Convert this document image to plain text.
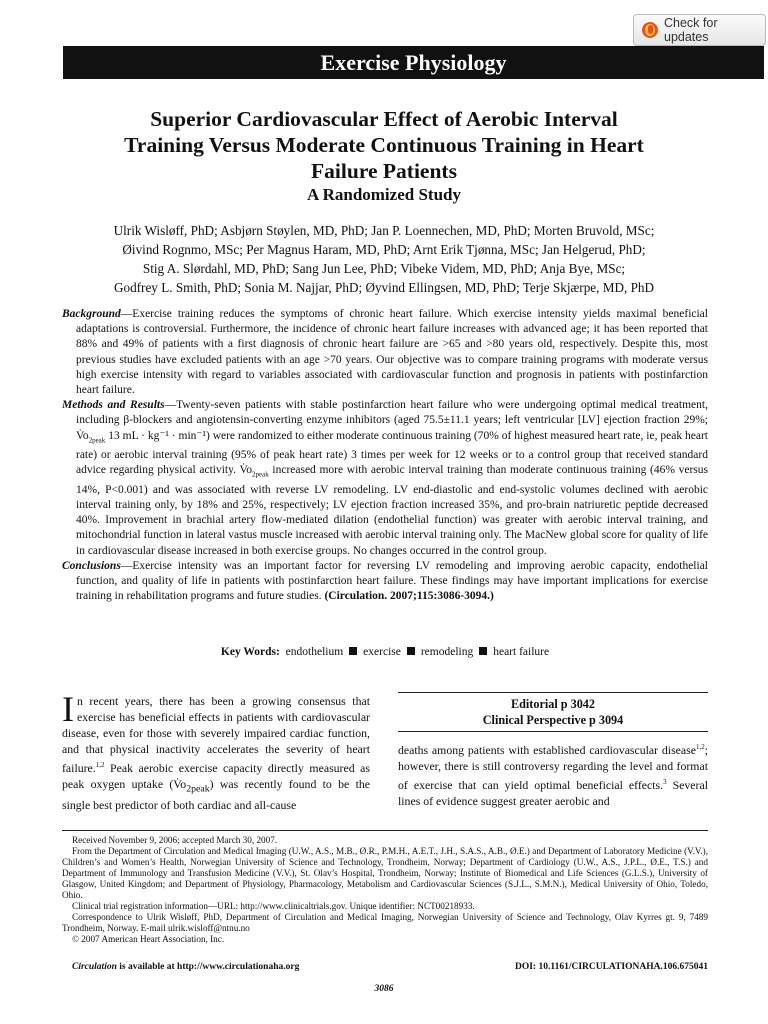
Check for updates
Exercise Physiology
Superior Cardiovascular Effect of Aerobic Interval
Training Versus Moderate Continuous Training in Heart
Failure Patients
A Randomized Study
Ulrik Wisløff, PhD; Asbjørn Støylen, MD, PhD; Jan P. Loennechen, MD, PhD; Morten Bruvold, MSc;
Øivind Rognmo, MSc; Per Magnus Haram, MD, PhD; Arnt Erik Tjønna, MSc; Jan Helgerud, PhD;
Stig A. Slørdahl, MD, PhD; Sang Jun Lee, PhD; Vibeke Videm, MD, PhD; Anja Bye, MSc;
Godfrey L. Smith, PhD; Sonia M. Najjar, PhD; Øyvind Ellingsen, MD, PhD; Terje Skjærpe, MD, PhD

Background—Exercise training reduces the symptoms of chronic heart failure. Which exercise intensity yields maximal beneficial adaptations is controversial. Furthermore, the incidence of chronic heart failure increases with advanced age; it has been reported that 88% and 49% of patients with a first diagnosis of chronic heart failure are >65 and >80 years old, respectively. Despite this, most previous studies have excluded patients with an age >70 years. Our objective was to compare training programs with moderate versus high exercise intensity with regard to variables associated with cardiovascular function and prognosis in patients with postinfarction heart failure.

Methods and Results—Twenty-seven patients with stable postinfarction heart failure who were undergoing optimal medical treatment, including β-blockers and angiotensin-converting enzyme inhibitors (aged 75.5±11.1 years; left ventricular [LV] ejection fraction 29%; $V̇o_{2peak}$ 13 mL · kg⁻¹ · min⁻¹) were randomized to either moderate continuous training (70% of highest measured heart rate, ie, peak heart rate) or aerobic interval training (95% of peak heart rate) 3 times per week for 12 weeks or to a control group that received standard advice regarding physical activity. $V̇o_{2peak}$ increased more with aerobic interval training than moderate continuous training (46% versus 14%, P<0.001) and was associated with reverse LV remodeling. LV end-diastolic and end-systolic volumes declined with aerobic interval training only, by 18% and 25%, respectively; LV ejection fraction increased 35%, and pro-brain natriuretic peptide decreased 40%. Improvement in brachial artery flow-mediated dilation (endothelial function) was greater with aerobic interval training, and mitochondrial function in lateral vastus muscle increased with aerobic interval training only. The MacNew global score for quality of life in cardiovascular disease increased in both exercise groups. No changes occurred in the control group.

Conclusions—Exercise intensity was an important factor for reversing LV remodeling and improving aerobic capacity, endothelial function, and quality of life in patients with postinfarction heart failure. These findings may have important implications for exercise training in rehabilitation programs and future studies. (Circulation. 2007;115:3086-3094.)

Key Words: endothelium exercise remodeling heart failure
In recent years, there has been a growing consensus that exercise has beneficial effects in patients with cardiovascular disease, even for those with severely impaired cardiac function, and that physical inactivity accelerates the severity of heart failure.$^{1,2}$ Peak aerobic exercise capacity directly measured as peak oxygen uptake $(V̇o_{2peak})$ was recently found to be the single best predictor of both cardiac and all-cause
Editorial p 3042
Clinical Perspective p 3094
deaths among patients with established cardiovascular disease$^{1,2}$; however, there is still controversy regarding the level and format of exercise that can yield optimal beneficial effects.$^3$ Several lines of evidence suggest greater aerobic and

Received November 9, 2006; accepted March 30, 2007.

From the Department of Circulation and Medical Imaging (U.W., A.S., M.B., Ø.R., P.M.H., A.E.T., J.H., S.A.S., A.B., Ø.E.) and Department of Laboratory Medicine (V.V.), Children’s and Women’s Health, Norwegian University of Science and Technology, Trondheim, Norway; Department of Cardiology (U.W., A.S., J.P.L., Ø.E., T.S.) and Department of Immunology and Transfusion Medicine (V.V.), St. Olav’s Hospital, Trondheim, Norway; Institute of Biomedical and Life Sciences (G.L.S.), University of Glasgow, United Kingdom; and Department of Physiology, Pharmacology, Metabolism and Cardiovascular Sciences (S.J.L., S.M.N.), Medical University of Ohio, Toledo, Ohio.

Clinical trial registration information—URL: http://www.clinicaltrials.gov. Unique identifier: NCT00218933.

Correspondence to Ulrik Wisløff, PhD, Department of Circulation and Medical Imaging, Norwegian University of Science and Technology, Olav Kyrres gt. 9, 7489 Trondheim, Norway. E-mail ulrik.wisloff@ntnu.no

© 2007 American Heart Association, Inc.

Circulation is available at http://www.circulationaha.org	DOI: 10.1161/CIRCULATIONAHA.106.675041
3086
